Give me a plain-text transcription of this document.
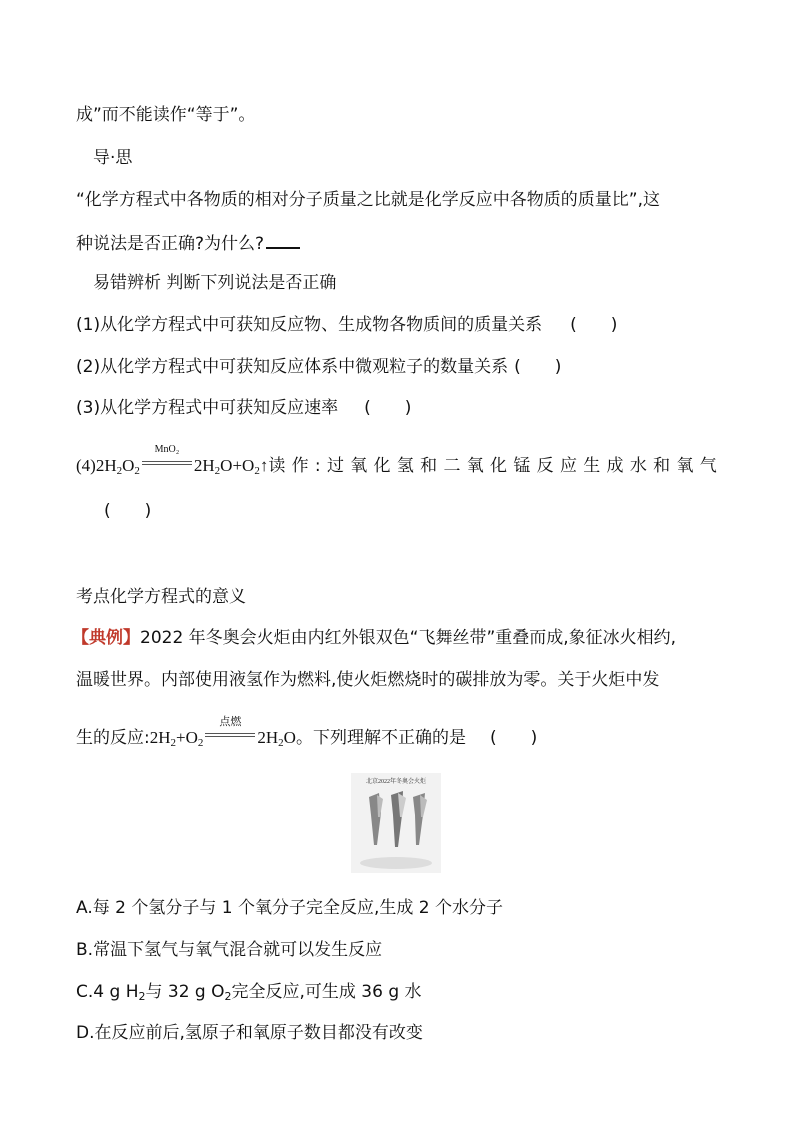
成”而不能读作“等于”。
导·思
“化学方程式中各物质的相对分子质量之比就是化学反应中各物质的质量比”,这
种说法是否正确?为什么?
易错辨析 判断下列说法是否正确
(1)从化学方程式中可获知反应物、生成物各物质间的质量关系 (　　)
(2)从化学方程式中可获知反应体系中微观粒子的数量关系 (　　)
(3)从化学方程式中可获知反应速率 (　　)
$(4)2H_2O_2$
MnO₂
$2H_2O+O_2↑$读作:过氧化氢和二氧化锰反应生成水和氧气
(　　)
考点化学方程式的意义
【典例】2022 年冬奥会火炬由内红外银双色“飞舞丝带”重叠而成,象征冰火相约,
温暖世界。内部使用液氢作为燃料,使火炬燃烧时的碳排放为零。关于火炬中发
生的反应$:2H_2+O_2$
点燃
$2H_2O$。下列理解不正确的是 (　　)
北京2022年冬奥会火炬
A.每 2 个氢分子与 1 个氧分子完全反应,生成 2 个水分子
B.常温下氢气与氧气混合就可以发生反应
C.4 g $H_2$与 32 g $O_2$完全反应,可生成 36 g 水
D.在反应前后,氢原子和氧原子数目都没有改变
